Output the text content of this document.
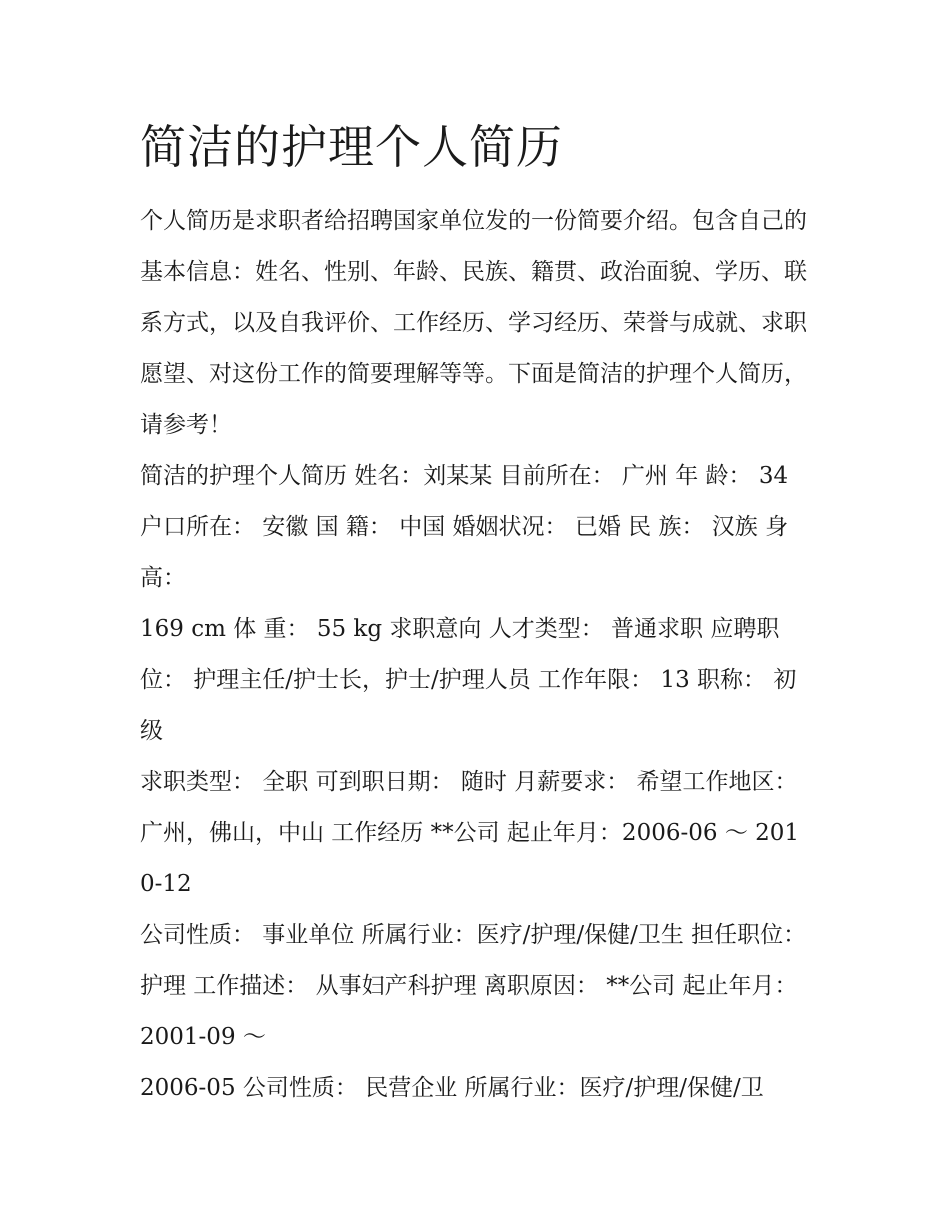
简洁的护理个人简历

个人简历是求职者给招聘国家单位发的一份简要介绍。包含自己的基本信息：姓名、性别、年龄、民族、籍贯、政治面貌、学历、联系方式，以及自我评价、工作经历、学习经历、荣誉与成就、求职愿望、对这份工作的简要理解等等。下面是简洁的护理个人简历，请参考！

简洁的护理个人简历 姓名：刘某某 目前所在： 广州 年 龄： 34 户口所在： 安徽 国 籍： 中国 婚姻状况： 已婚 民 族： 汉族 身 高：

169 cm 体 重： 55 kg 求职意向 人才类型： 普通求职 应聘职位： 护理主任/护士长，护士/护理人员 工作年限： 13 职称： 初级

求职类型： 全职 可到职日期： 随时 月薪要求： 希望工作地区： 广州，佛山，中山 工作经历 **公司 起止年月：2006-06 ～ 2010-12

公司性质： 事业单位 所属行业：医疗/护理/保健/卫生 担任职位： 护理 工作描述： 从事妇产科护理 离职原因： **公司 起止年月：2001-09 ～

2006-05 公司性质： 民营企业 所属行业：医疗/护理/保健/卫
